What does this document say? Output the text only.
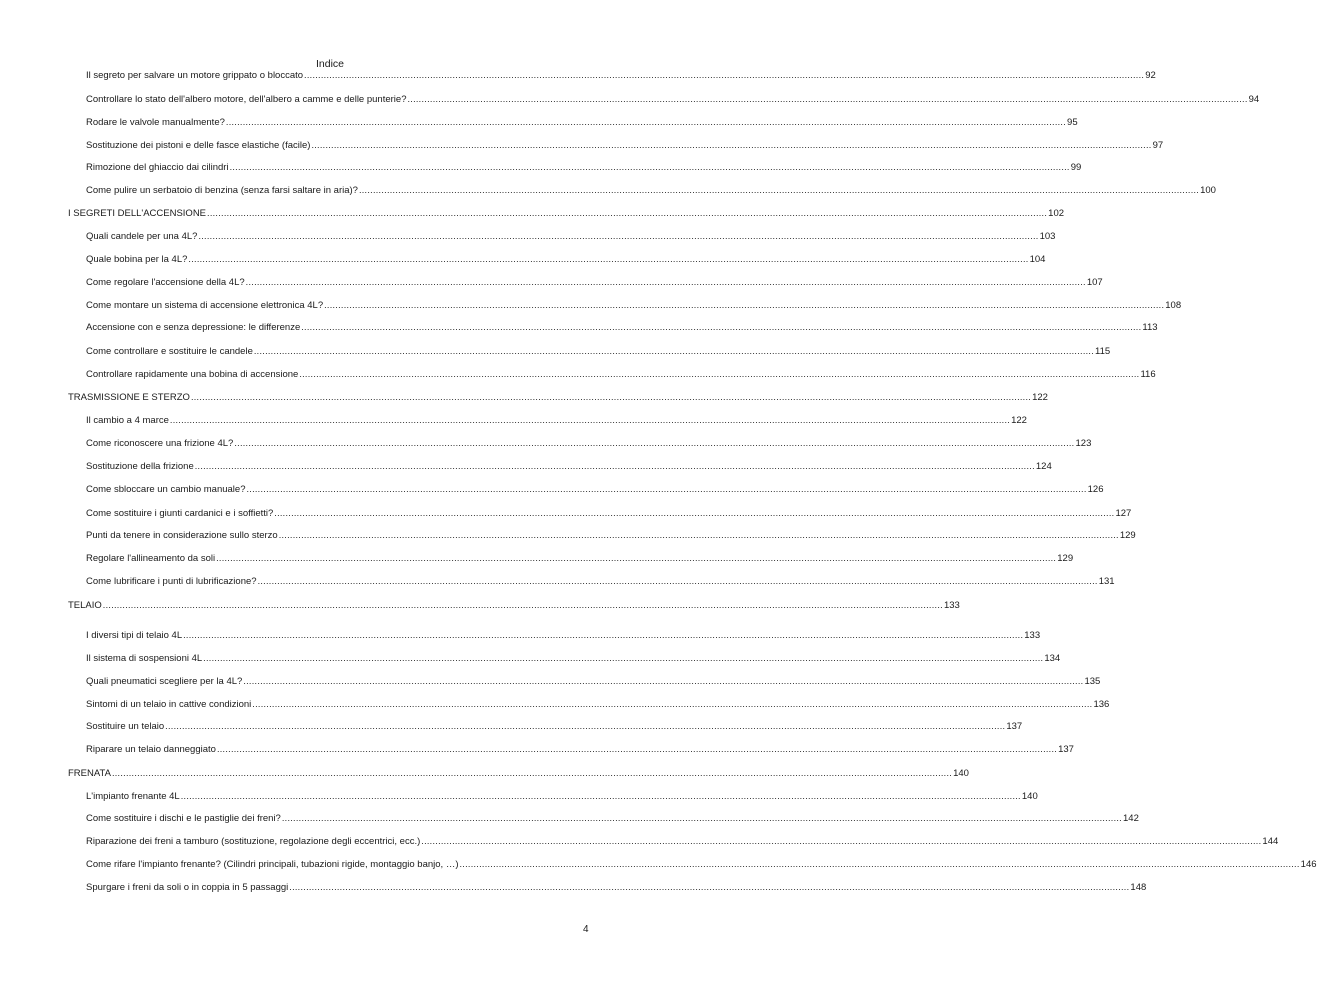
Indice
Il segreto per salvare un motore grippato o bloccato ............................................................................................................................................................................................................................................................................................................ 92
Controllare lo stato dell'albero motore, dell'albero a camme e delle punterie? ............................................................................................................................................................................................................................................................................................................ 94
Rodare le valvole manualmente? ............................................................................................................................................................................................................................................................................................................ 95
Sostituzione dei pistoni e delle fasce elastiche (facile) ............................................................................................................................................................................................................................................................................................................ 97
Rimozione del ghiaccio dai cilindri ............................................................................................................................................................................................................................................................................................................ 99
Come pulire un serbatoio di benzina (senza farsi saltare in aria)? ............................................................................................................................................................................................................................................................................................................ 100
I SEGRETI DELL'ACCENSIONE ............................................................................................................................................................................................................................................................................................................ 102
Quali candele per una 4L? ............................................................................................................................................................................................................................................................................................................ 103
Quale bobina per la 4L? ............................................................................................................................................................................................................................................................................................................ 104
Come regolare l'accensione della 4L? ............................................................................................................................................................................................................................................................................................................ 107
Come montare un sistema di accensione elettronica 4L? ............................................................................................................................................................................................................................................................................................................ 108
Accensione con e senza depressione: le differenze ............................................................................................................................................................................................................................................................................................................ 113
Come controllare e sostituire le candele ............................................................................................................................................................................................................................................................................................................ 115
Controllare rapidamente una bobina di accensione ............................................................................................................................................................................................................................................................................................................ 116
TRASMISSIONE E STERZO ............................................................................................................................................................................................................................................................................................................ 122
Il cambio a 4 marce ............................................................................................................................................................................................................................................................................................................ 122
Come riconoscere una frizione 4L? ............................................................................................................................................................................................................................................................................................................ 123
Sostituzione della frizione ............................................................................................................................................................................................................................................................................................................ 124
Come sbloccare un cambio manuale? ............................................................................................................................................................................................................................................................................................................ 126
Come sostituire i giunti cardanici e i soffietti? ............................................................................................................................................................................................................................................................................................................ 127
Punti da tenere in considerazione sullo sterzo ............................................................................................................................................................................................................................................................................................................ 129
Regolare l'allineamento da soli ............................................................................................................................................................................................................................................................................................................ 129
Come lubrificare i punti di lubrificazione? ............................................................................................................................................................................................................................................................................................................ 131
TELAIO ............................................................................................................................................................................................................................................................................................................ 133
I diversi tipi di telaio 4L ............................................................................................................................................................................................................................................................................................................ 133
Il sistema di sospensioni 4L ............................................................................................................................................................................................................................................................................................................ 134
Quali pneumatici scegliere per la 4L? ............................................................................................................................................................................................................................................................................................................ 135
Sintomi di un telaio in cattive condizioni ............................................................................................................................................................................................................................................................................................................ 136
Sostituire un telaio ............................................................................................................................................................................................................................................................................................................ 137
Riparare un telaio danneggiato ............................................................................................................................................................................................................................................................................................................ 137
FRENATA ............................................................................................................................................................................................................................................................................................................ 140
L'impianto frenante 4L ............................................................................................................................................................................................................................................................................................................ 140
Come sostituire i dischi e le pastiglie dei freni? ............................................................................................................................................................................................................................................................................................................ 142
Riparazione dei freni a tamburo (sostituzione, regolazione degli eccentrici, ecc.) ............................................................................................................................................................................................................................................................................................................ 144
Come rifare l'impianto frenante? (Cilindri principali, tubazioni rigide, montaggio banjo, …) ............................................................................................................................................................................................................................................................................................................ 146
Spurgare i freni da soli o in coppia in 5 passaggi ............................................................................................................................................................................................................................................................................................................ 148
4
